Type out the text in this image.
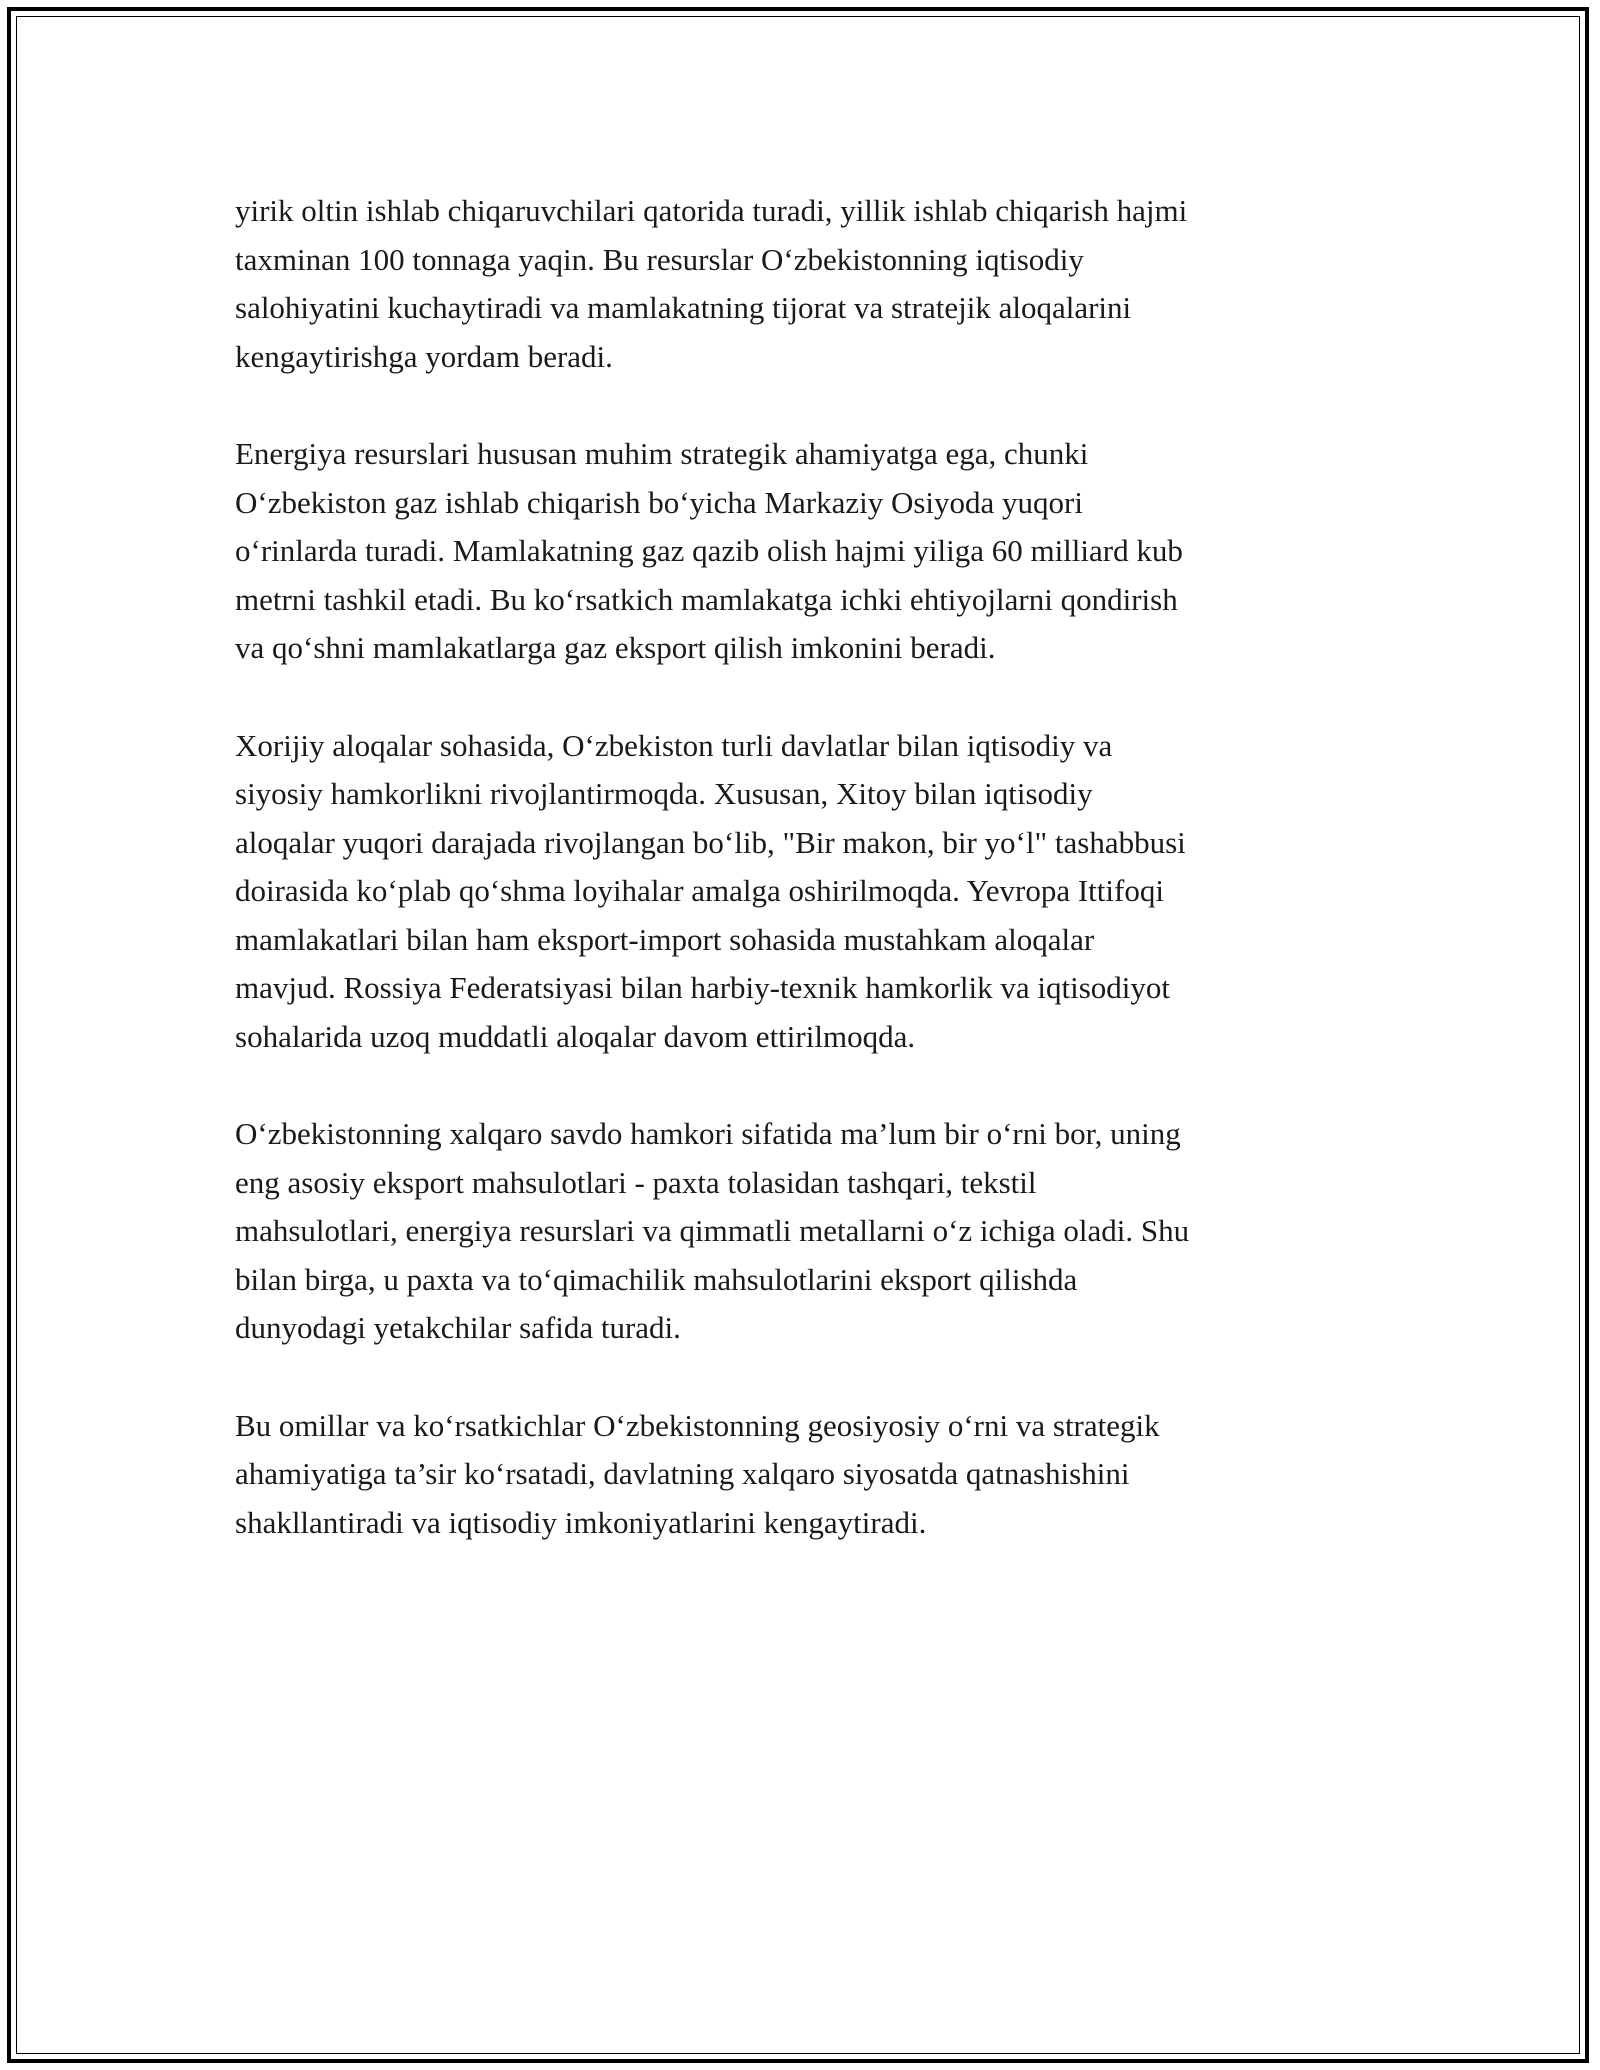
yirik oltin ishlab chiqaruvchilari qatorida turadi, yillik ishlab chiqarish hajmi
taxminan 100 tonnaga yaqin. Bu resurslar O‘zbekistonning iqtisodiy
salohiyatini kuchaytiradi va mamlakatning tijorat va stratejik aloqalarini
kengaytirishga yordam beradi.

Energiya resurslari hususan muhim strategik ahamiyatga ega, chunki
O‘zbekiston gaz ishlab chiqarish bo‘yicha Markaziy Osiyoda yuqori
o‘rinlarda turadi. Mamlakatning gaz qazib olish hajmi yiliga 60 milliard kub
metrni tashkil etadi. Bu ko‘rsatkich mamlakatga ichki ehtiyojlarni qondirish
va qo‘shni mamlakatlarga gaz eksport qilish imkonini beradi.

Xorijiy aloqalar sohasida, O‘zbekiston turli davlatlar bilan iqtisodiy va
siyosiy hamkorlikni rivojlantirmoqda. Xususan, Xitoy bilan iqtisodiy
aloqalar yuqori darajada rivojlangan bo‘lib, "Bir makon, bir yo‘l" tashabbusi
doirasida ko‘plab qo‘shma loyihalar amalga oshirilmoqda. Yevropa Ittifoqi
mamlakatlari bilan ham eksport-import sohasida mustahkam aloqalar
mavjud. Rossiya Federatsiyasi bilan harbiy-texnik hamkorlik va iqtisodiyot
sohalarida uzoq muddatli aloqalar davom ettirilmoqda.

O‘zbekistonning xalqaro savdo hamkori sifatida ma’lum bir o‘rni bor, uning
eng asosiy eksport mahsulotlari - paxta tolasidan tashqari, tekstil
mahsulotlari, energiya resurslari va qimmatli metallarni o‘z ichiga oladi. Shu
bilan birga, u paxta va to‘qimachilik mahsulotlarini eksport qilishda
dunyodagi yetakchilar safida turadi.

Bu omillar va ko‘rsatkichlar O‘zbekistonning geosiyosiy o‘rni va strategik
ahamiyatiga ta’sir ko‘rsatadi, davlatning xalqaro siyosatda qatnashishini
shakllantiradi va iqtisodiy imkoniyatlarini kengaytiradi.
